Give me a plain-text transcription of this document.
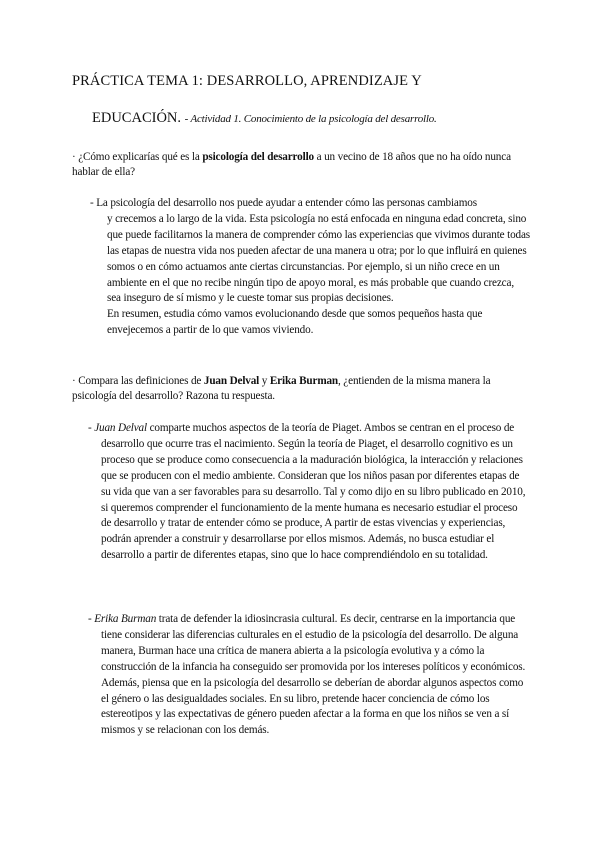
PRÁCTICA TEMA 1: DESARROLLO, APRENDIZAJE Y
EDUCACIÓN. - Actividad 1. Conocimiento de la psicología del desarrollo.

· ¿Cómo explicarías qué es la psicología del desarrollo a un vecino de 18 años que no ha oído nunca hablar de ella?

- La psicología del desarrollo nos puede ayudar a entender cómo las personas cambiamos

y crecemos a lo largo de la vida. Esta psicología no está enfocada en ninguna edad concreta, sino que puede facilitarnos la manera de comprender cómo las experiencias que vivimos durante todas las etapas de nuestra vida nos pueden afectar de una manera u otra; por lo que influirá en quienes somos o en cómo actuamos ante ciertas circunstancias. Por ejemplo, si un niño crece en un ambiente en el que no recibe ningún tipo de apoyo moral, es más probable que cuando crezca, sea inseguro de sí mismo y le cueste tomar sus propias decisiones.

En resumen, estudia cómo vamos evolucionando desde que somos pequeños hasta que envejecemos a partir de lo que vamos viviendo.

· Compara las definiciones de Juan Delval y Erika Burman, ¿entienden de la misma manera la psicología del desarrollo? Razona tu respuesta.

- Juan Delval comparte muchos aspectos de la teoría de Piaget. Ambos se centran en el proceso de desarrollo que ocurre tras el nacimiento. Según la teoría de Piaget, el desarrollo cognitivo es un proceso que se produce como consecuencia a la maduración biológica, la interacción y relaciones que se producen con el medio ambiente. Consideran que los niños pasan por diferentes etapas de su vida que van a ser favorables para su desarrollo. Tal y como dijo en su libro publicado en 2010, si queremos comprender el funcionamiento de la mente humana es necesario estudiar el proceso de desarrollo y tratar de entender cómo se produce, A partir de estas vivencias y experiencias, podrán aprender a construir y desarrollarse por ellos mismos. Además, no busca estudiar el desarrollo a partir de diferentes etapas, sino que lo hace comprendiéndolo en su totalidad.

- Erika Burman trata de defender la idiosincrasia cultural. Es decir, centrarse en la importancia que tiene considerar las diferencias culturales en el estudio de la psicología del desarrollo. De alguna manera, Burman hace una crítica de manera abierta a la psicología evolutiva y a cómo la construcción de la infancia ha conseguido ser promovida por los intereses políticos y económicos. Además, piensa que en la psicología del desarrollo se deberían de abordar algunos aspectos como el género o las desigualdades sociales. En su libro, pretende hacer conciencia de cómo los estereotipos y las expectativas de género pueden afectar a la forma en que los niños se ven a sí mismos y se relacionan con los demás.
